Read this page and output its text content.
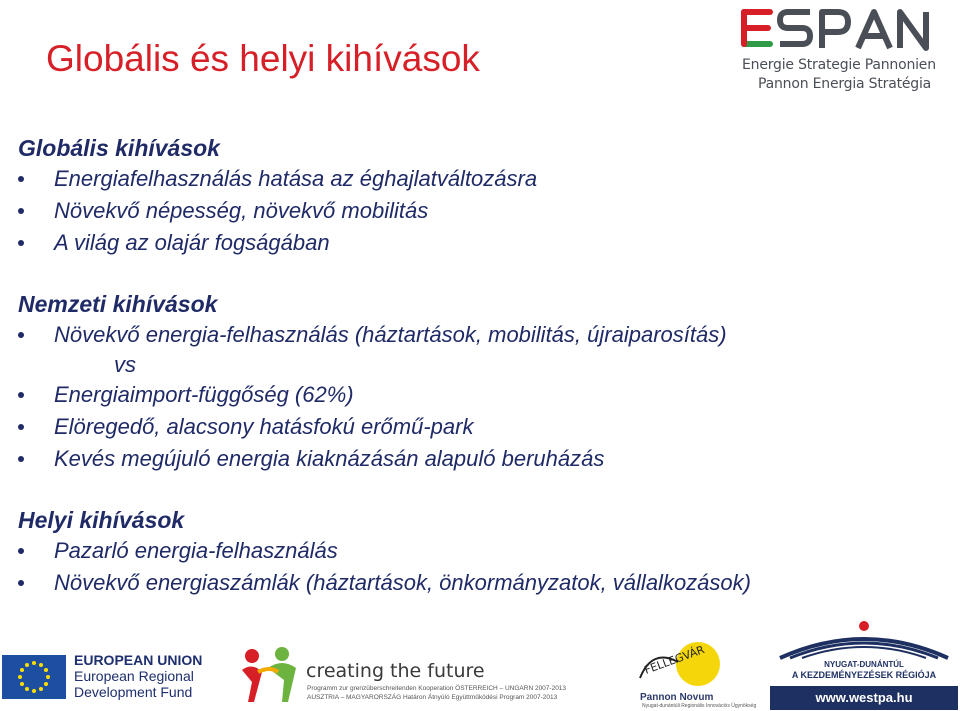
Globális és helyi kihívások	Energie Strategie Pannonien
Pannon Energia Stratégia

Globális kihívások

Energiafelhasználás hatása az éghajlatváltozásra
Növekvő népesség, növekvő mobilitás
A világ az olajár fogságában

Nemzeti kihívások

Növekvő energia-felhasználás (háztartások, mobilitás, újraiparosítás)
vs
Energiaimport-függőség (62%)
Elöregedő, alacsony hatásfokú erőmű-park
Kevés megújuló energia kiaknázásán alapuló beruházás

Helyi kihívások

Pazarló energia-felhasználás
Növekvő energiaszámlák (háztartások, önkormányzatok, vállalkozások)
EUROPEAN UNION
European Regional
Development Fund
creating the future
Programm zur grenzüberschreitenden Kooperation ÖSTERREICH – UNGARN 2007-2013
AUSZTRIA – MAGYARORSZÁG Határon Átnyúló Együttműködési Program 2007-2013
FELLEGVÁR
Pannon Novum
Nyugat-dunántúli Regionális Innovációs Ügynökség
NYUGAT-DUNÁNTÚL
A KEZDEMÉNYEZÉSEK RÉGIÓJA
www.westpa.hu
